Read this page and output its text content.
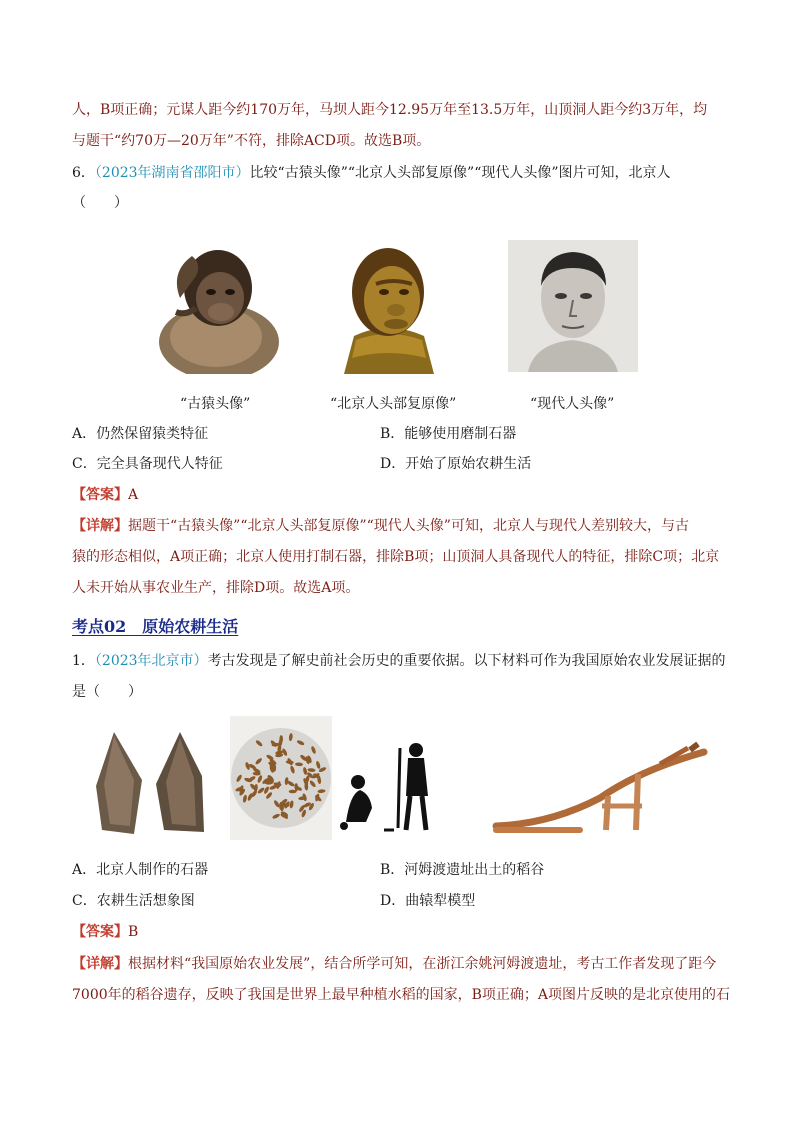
人，B项正确；元谋人距今约170万年，马坝人距今12.95万年至13.5万年，山顶洞人距今约3万年，均
与题干“约70万—20万年”不符，排除ACD项。故选B项。
6．（2023年湖南省邵阳市）比较“古猿头像”“北京人头部复原像”“现代人头像”图片可知，北京人
（　　）
“古猿头像”	“北京人头部复原像”	“现代人头像”
A．仍然保留猿类特征	B．能够使用磨制石器
C．完全具备现代人特征	D．开始了原始农耕生活
【答案】A
【详解】据题干“古猿头像”“北京人头部复原像”“现代人头像”可知，北京人与现代人差别较大，与古
猿的形态相似，A项正确；北京人使用打制石器，排除B项；山顶洞人具备现代人的特征，排除C项；北京
人未开始从事农业生产，排除D项。故选A项。
考点02　原始农耕生活
1．（2023年北京市）考古发现是了解史前社会历史的重要依据。以下材料可作为我国原始农业发展证据的
是（　　）
A．北京人制作的石器	B．河姆渡遗址出土的稻谷
C．农耕生活想象图	D．曲辕犁模型
【答案】B
【详解】根据材料“我国原始农业发展”，结合所学可知，在浙江余姚河姆渡遗址，考古工作者发现了距今
7000年的稻谷遗存，反映了我国是世界上最早种植水稻的国家，B项正确；A项图片反映的是北京使用的石
